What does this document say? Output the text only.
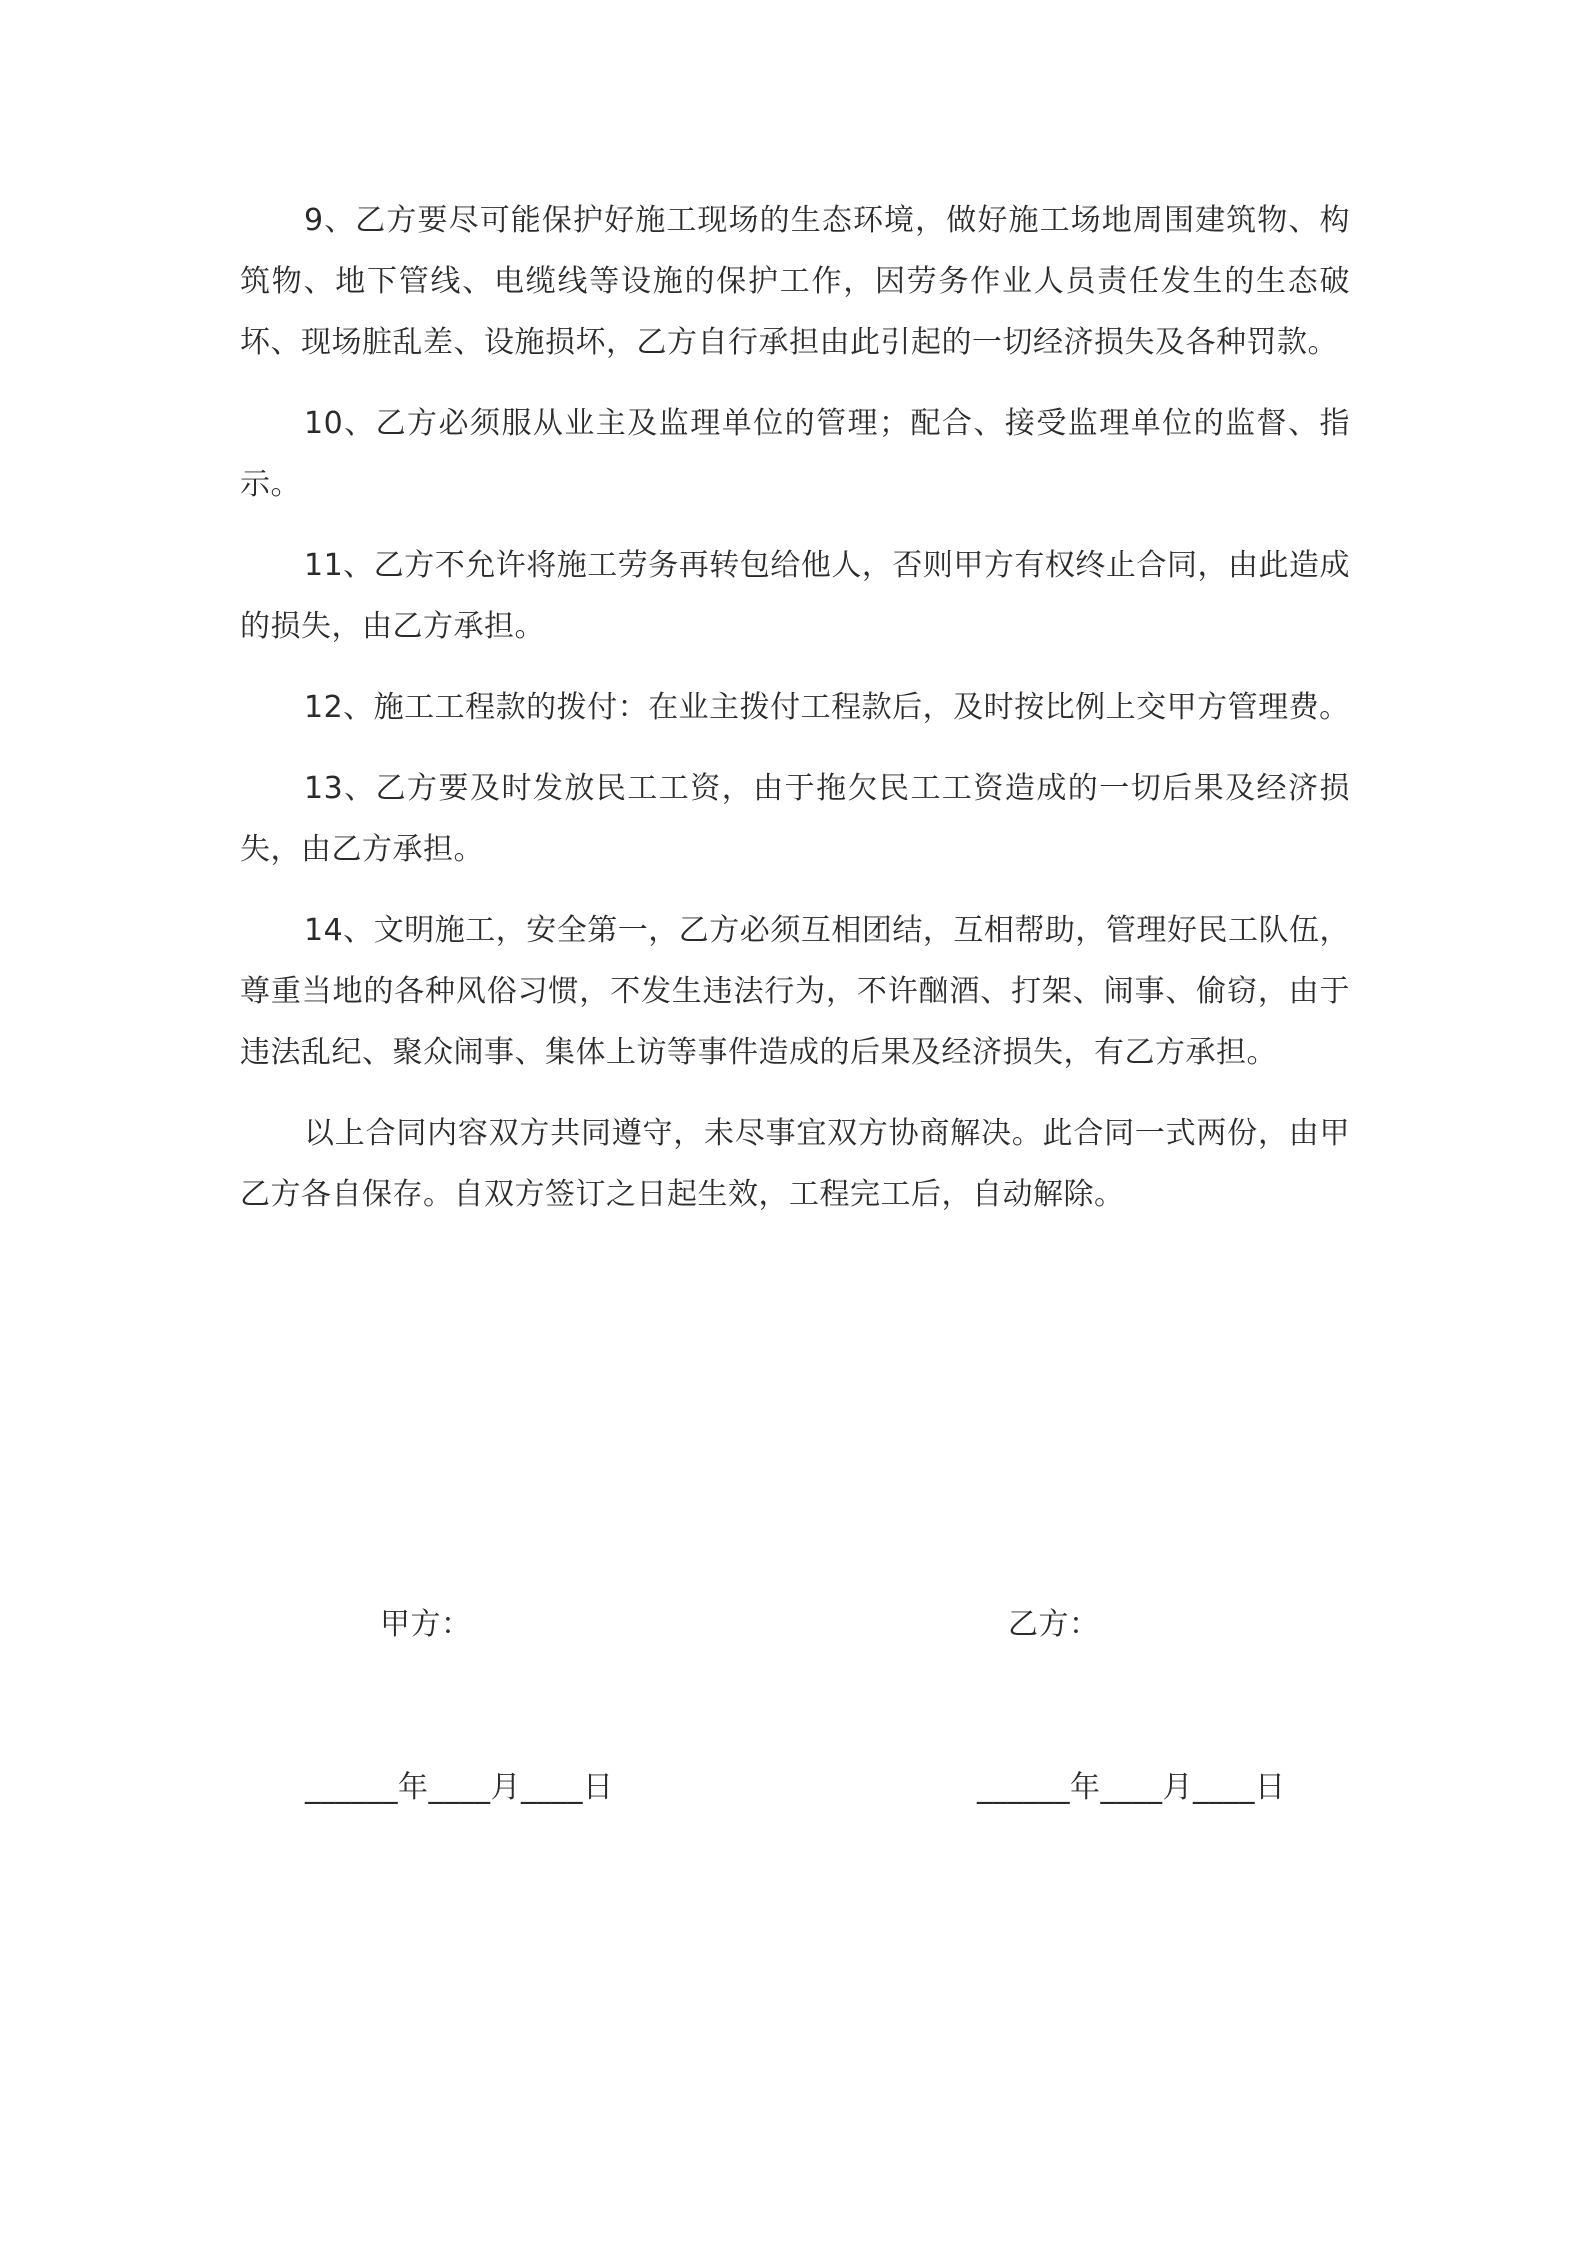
9、乙方要尽可能保护好施工现场的生态环境，做好施工场地周围建筑物、构筑物、地下管线、电缆线等设施的保护工作，因劳务作业人员责任发生的生态破坏、现场脏乱差、设施损坏，乙方自行承担由此引起的一切经济损失及各种罚款。

10、乙方必须服从业主及监理单位的管理；配合、接受监理单位的监督、指示。

11、乙方不允许将施工劳务再转包给他人，否则甲方有权终止合同，由此造成的损失，由乙方承担。

12、施工工程款的拨付：在业主拨付工程款后，及时按比例上交甲方管理费。

13、乙方要及时发放民工工资，由于拖欠民工工资造成的一切后果及经济损失，由乙方承担。

14、文明施工，安全第一，乙方必须互相团结，互相帮助，管理好民工队伍，尊重当地的各种风俗习惯，不发生违法行为，不许酗酒、打架、闹事、偷窃，由于违法乱纪、聚众闹事、集体上访等事件造成的后果及经济损失，有乙方承担。

以上合同内容双方共同遵守，未尽事宜双方协商解决。此合同一式两份，由甲乙方各自保存。自双方签订之日起生效，工程完工后，自动解除。

甲方：	乙方：
______年____月____日	______年____月____日
